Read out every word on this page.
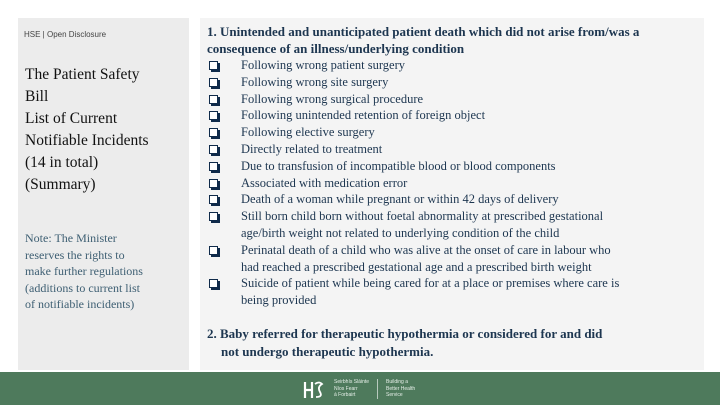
HSE | Open Disclosure
The Patient Safety
Bill
List of Current
Notifiable Incidents
(14 in total)
(Summary)
Note: The Minister
reserves the rights to
make further regulations
(additions to current list
of notifiable incidents)
1. Unintended and unanticipated patient death which did not arise from/was a
consequence of an illness/underlying condition
Following wrong patient surgery
Following wrong site surgery
Following wrong surgical procedure
Following unintended retention of foreign object
Following elective surgery
Directly related to treatment
Due to transfusion of incompatible blood or blood components
Associated with medication error
Death of a woman while pregnant or within 42 days of delivery
Still born child born without foetal abnormality at prescribed gestational
age/birth weight not related to underlying condition of the child
Perinatal death of a child who was alive at the onset of care in labour who
had reached a prescribed gestational age and a prescribed birth weight
Suicide of patient while being cared for at a place or premises where care is
being provided
2. Baby referred for therapeutic hypothermia or considered for and did
not undergo therapeutic hypothermia.
Seirbhís Sláinte
Níos Fearr
á Forbairt
Building a
Better Health
Service
